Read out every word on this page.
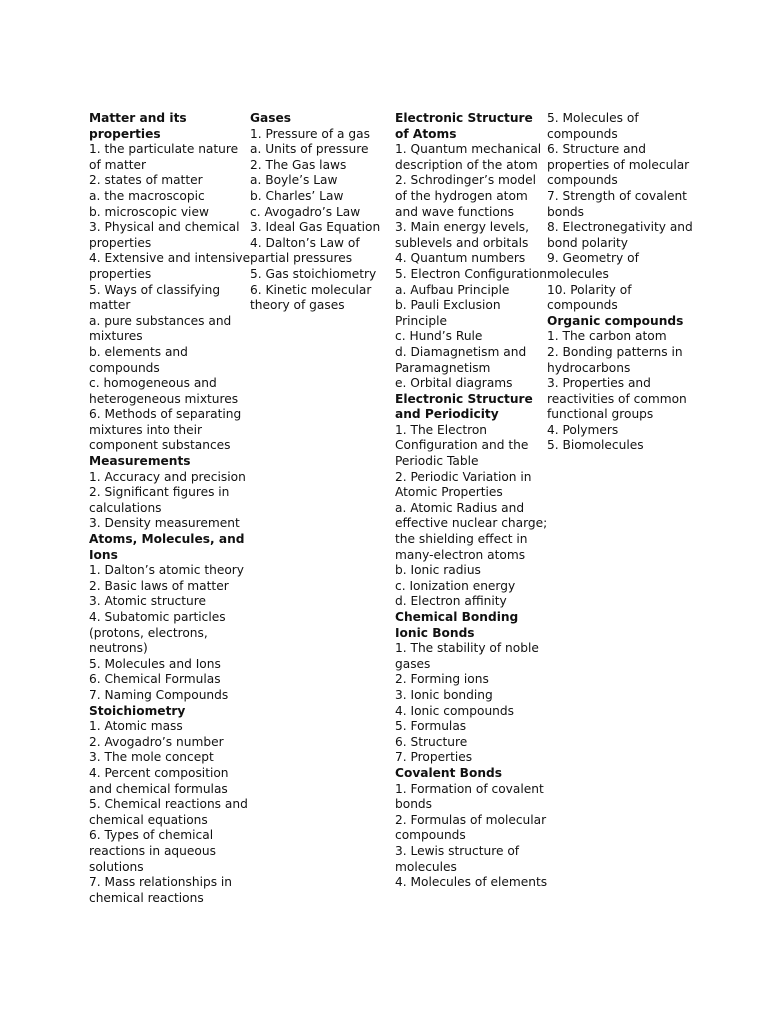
Matter and its
properties
1. the particulate nature
of matter
2. states of matter
a. the macroscopic
b. microscopic view
3. Physical and chemical
properties
4. Extensive and intensive
properties
5. Ways of classifying
matter
a. pure substances and
mixtures
b. elements and
compounds
c. homogeneous and
heterogeneous mixtures
6. Methods of separating
mixtures into their
component substances
Measurements
1. Accuracy and precision
2. Significant figures in
calculations
3. Density measurement
Atoms, Molecules, and
Ions
1. Dalton’s atomic theory
2. Basic laws of matter
3. Atomic structure
4. Subatomic particles
(protons, electrons,
neutrons)
5. Molecules and Ions
6. Chemical Formulas
7. Naming Compounds
Stoichiometry
1. Atomic mass
2. Avogadro’s number
3. The mole concept
4. Percent composition
and chemical formulas
5. Chemical reactions and
chemical equations
6. Types of chemical
reactions in aqueous
solutions
7. Mass relationships in
chemical reactions
Gases
1. Pressure of a gas
a. Units of pressure
2. The Gas laws
a. Boyle’s Law
b. Charles’ Law
c. Avogadro’s Law
3. Ideal Gas Equation
4. Dalton’s Law of
partial pressures
5. Gas stoichiometry
6. Kinetic molecular
theory of gases
Electronic Structure
of Atoms
1. Quantum mechanical
description of the atom
2. Schrodinger’s model
of the hydrogen atom
and wave functions
3. Main energy levels,
sublevels and orbitals
4. Quantum numbers
5. Electron Configuration
a. Aufbau Principle
b. Pauli Exclusion
Principle
c. Hund’s Rule
d. Diamagnetism and
Paramagnetism
e. Orbital diagrams
Electronic Structure
and Periodicity
1. The Electron
Configuration and the
Periodic Table
2. Periodic Variation in
Atomic Properties
a. Atomic Radius and
effective nuclear charge;
the shielding effect in
many-electron atoms
b. Ionic radius
c. Ionization energy
d. Electron affinity
Chemical Bonding
Ionic Bonds
1. The stability of noble
gases
2. Forming ions
3. Ionic bonding
4. Ionic compounds
5. Formulas
6. Structure
7. Properties
Covalent Bonds
1. Formation of covalent
bonds
2. Formulas of molecular
compounds
3. Lewis structure of
molecules
4. Molecules of elements
5. Molecules of
compounds
6. Structure and
properties of molecular
compounds
7. Strength of covalent
bonds
8. Electronegativity and
bond polarity
9. Geometry of
molecules
10. Polarity of
compounds
Organic compounds
1. The carbon atom
2. Bonding patterns in
hydrocarbons
3. Properties and
reactivities of common
functional groups
4. Polymers
5. Biomolecules
